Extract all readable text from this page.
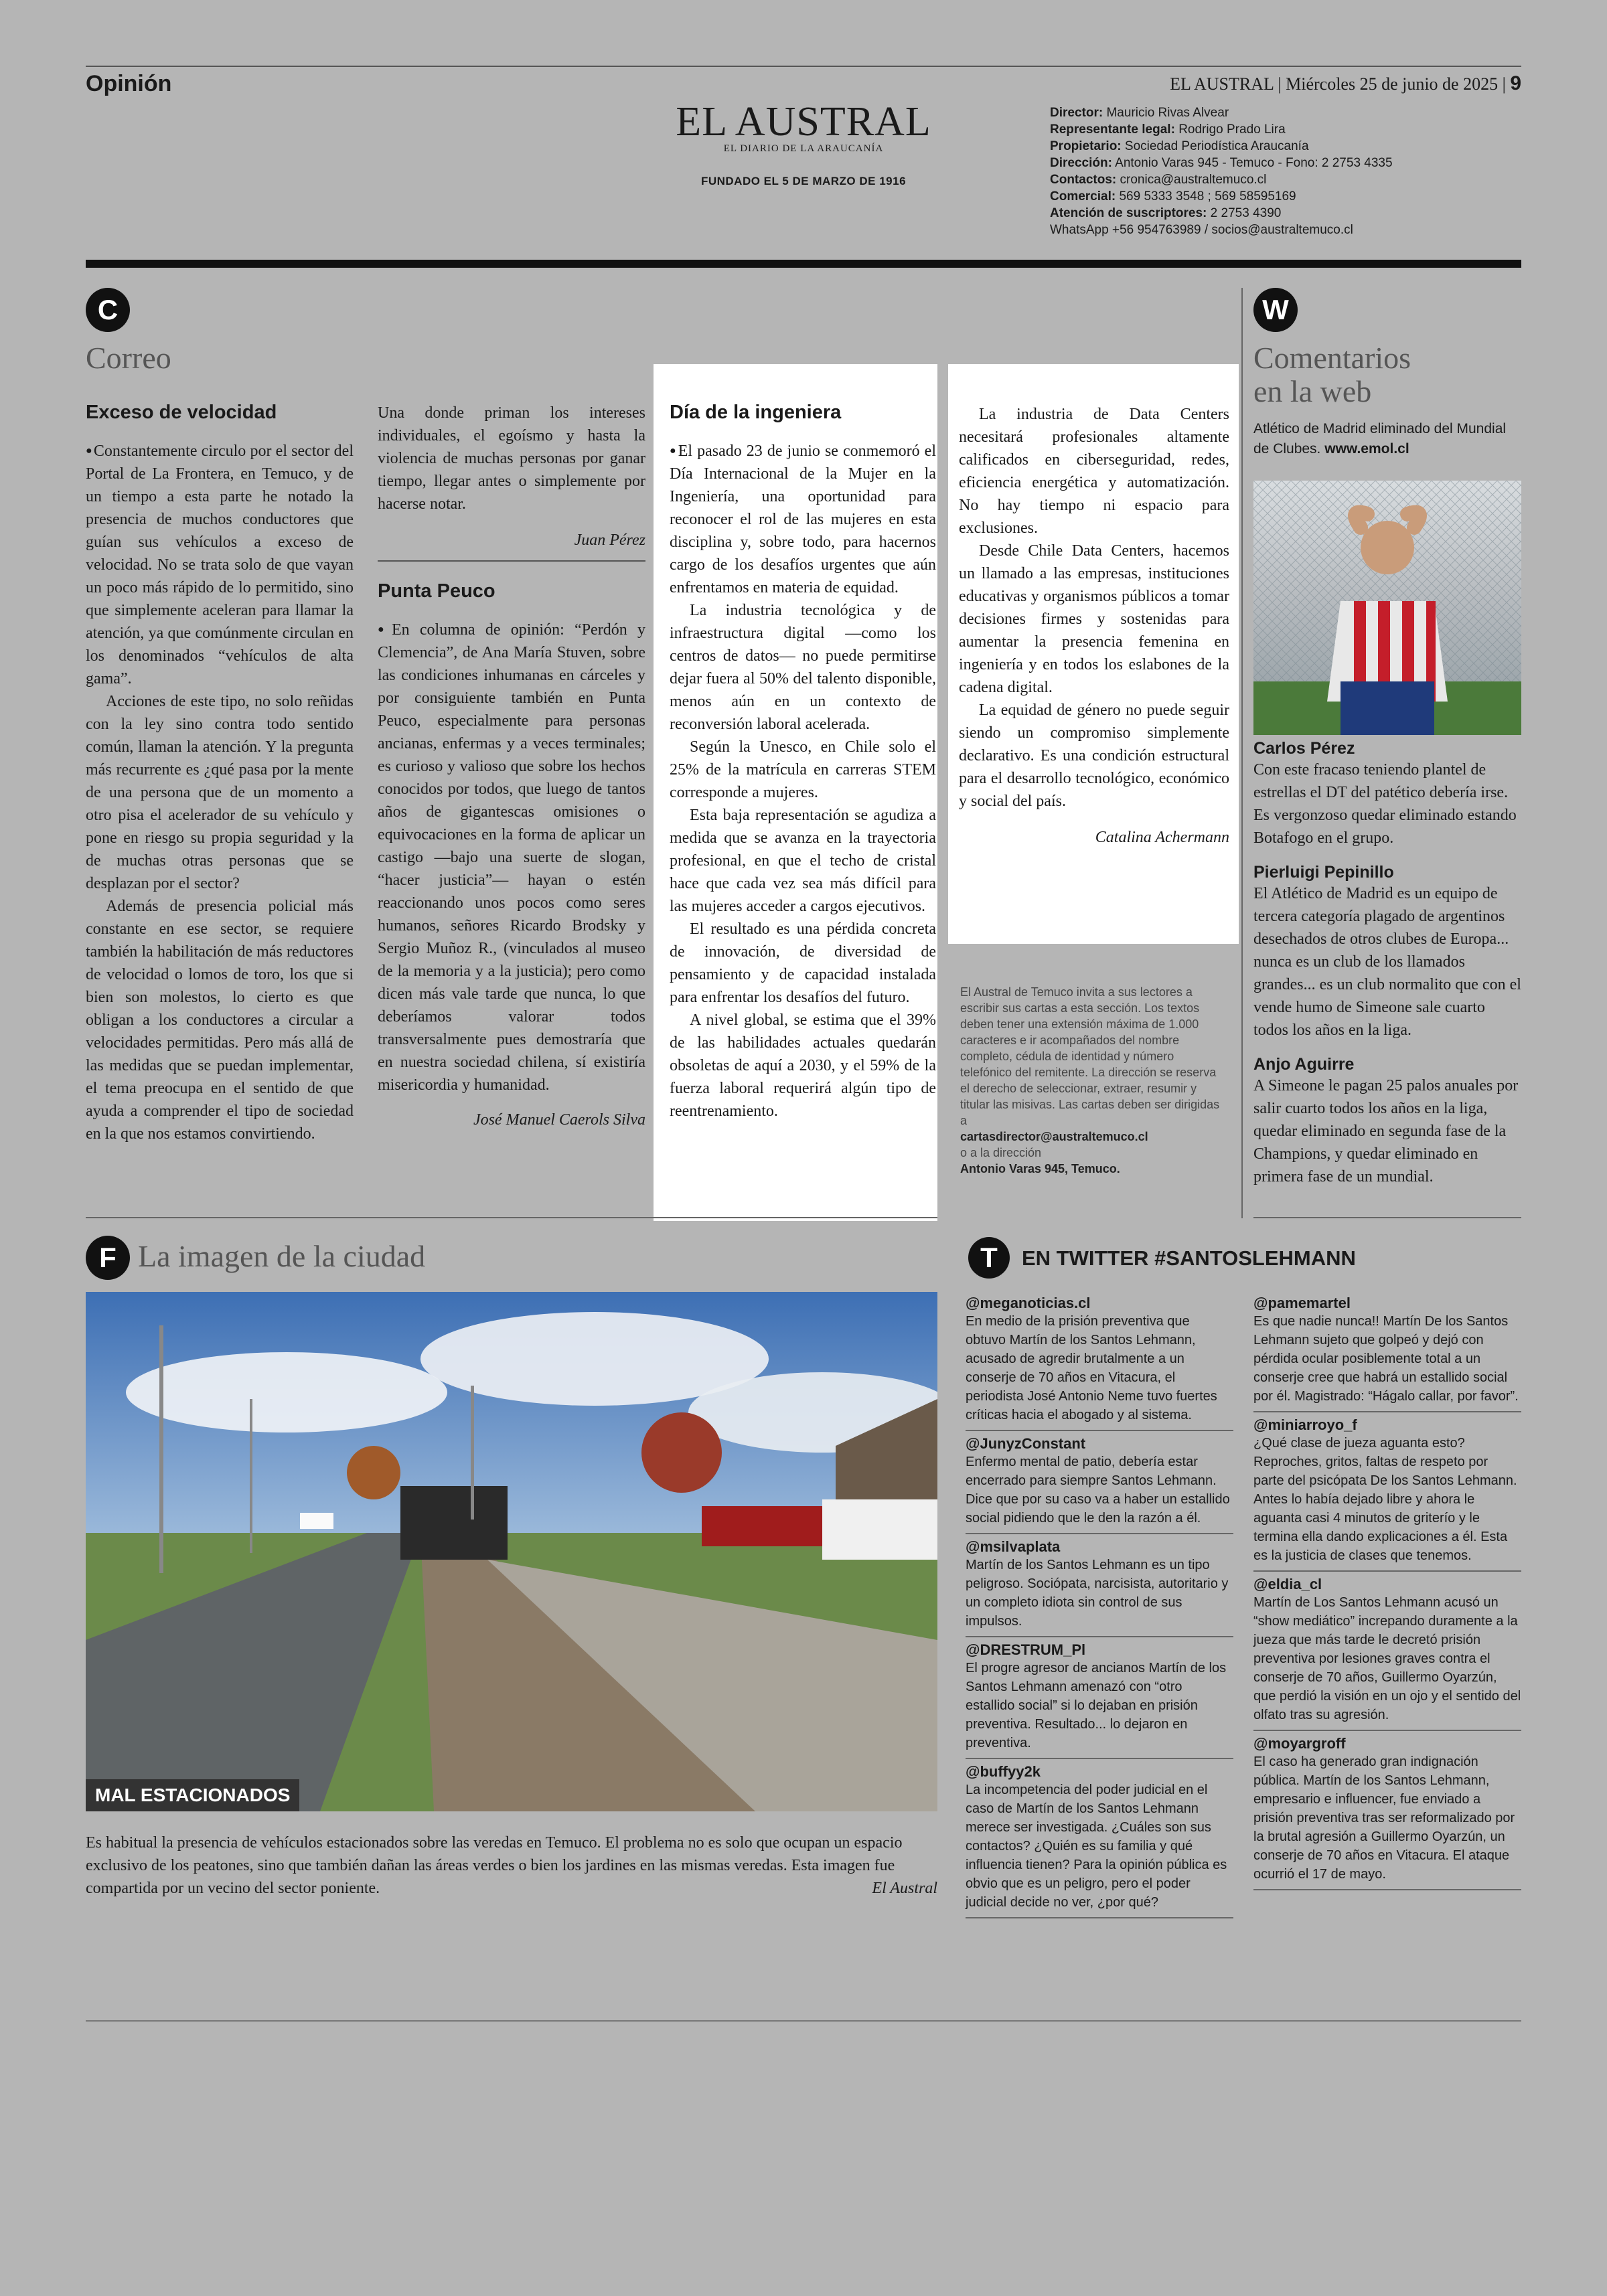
Opinión	EL AUSTRAL | Miércoles 25 de junio de 2025 | 9
EL AUSTRAL
EL DIARIO DE LA ARAUCANÍA
FUNDADO EL 5 DE MARZO DE 1916
Director: Mauricio Rivas Alvear
Representante legal: Rodrigo Prado Lira
Propietario: Sociedad Periodística Araucanía
Dirección: Antonio Varas 945 - Temuco - Fono: 2 2753 4335
Contactos: cronica@australtemuco.cl
Comercial: 569 5333 3548 ; 569 58595169
Atención de suscriptores: 2 2753 4390
WhatsApp +56 954763989 / socios@australtemuco.cl
C
Correo
Exceso de velocidad

● Constantemente circulo por el sector del Portal de La Frontera, en Temuco, y de un tiempo a esta parte he notado la presencia de muchos conductores que guían sus vehículos a exceso de velocidad. No se trata solo de que vayan un poco más rápido de lo permitido, sino que simplemente aceleran para llamar la atención, ya que comúnmente circulan en los denominados “vehículos de alta gama”.

Acciones de este tipo, no solo reñidas con la ley sino contra todo sentido común, llaman la atención. Y la pregunta más recurrente es ¿qué pasa por la mente de una persona que de un momento a otro pisa el acelerador de su vehículo y pone en riesgo su propia seguridad y la de muchas otras personas que se desplazan por el sector?

Además de presencia policial más constante en ese sector, se requiere también la habilitación de más reductores de velocidad o lomos de toro, los que si bien son molestos, lo cierto es que obligan a los conductores a circular a velocidades permitidas. Pero más allá de las medidas que se puedan implementar, el tema preocupa en el sentido de que ayuda a comprender el tipo de sociedad en la que nos estamos convirtiendo.

Una donde priman los intereses individuales, el egoísmo y hasta la violencia de muchas personas por ganar tiempo, llegar antes o simplemente por hacerse notar.

Juan Pérez
Punta Peuco

● En columna de opinión: “Perdón y Clemencia”, de Ana María Stuven, sobre las condiciones inhumanas en cárceles y por consiguiente también en Punta Peuco, especialmente para personas ancianas, enfermas y a veces terminales; es curioso y valioso que sobre los hechos conocidos por todos, que luego de tantos años de gigantescas omisiones o equivocaciones en la forma de aplicar un castigo —bajo una suerte de slogan, “hacer justicia”— hayan o estén reaccionando unos pocos como seres humanos, señores Ricardo Brodsky y Sergio Muñoz R., (vinculados al museo de la memoria y a la justicia); pero como dicen más vale tarde que nunca, lo que deberíamos valorar todos transversalmente pues demostraría que en nuestra sociedad chilena, sí existiría misericordia y humanidad.

José Manuel Caerols Silva
Día de la ingeniera

● El pasado 23 de junio se conmemoró el Día Internacional de la Mujer en la Ingeniería, una oportunidad para reconocer el rol de las mujeres en esta disciplina y, sobre todo, para hacernos cargo de los desafíos urgentes que aún enfrentamos en materia de equidad.

La industria tecnológica y de infraestructura digital —como los centros de datos— no puede permitirse dejar fuera al 50% del talento disponible, menos aún en un contexto de reconversión laboral acelerada.

Según la Unesco, en Chile solo el 25% de la matrícula en carreras STEM corresponde a mujeres.

Esta baja representación se agudiza a medida que se avanza en la trayectoria profesional, en que el techo de cristal hace que cada vez sea más difícil para las mujeres acceder a cargos ejecutivos.

El resultado es una pérdida concreta de innovación, de diversidad de pensamiento y de capacidad instalada para enfrentar los desafíos del futuro.

A nivel global, se estima que el 39% de las habilidades actuales quedarán obsoletas de aquí a 2030, y el 59% de la fuerza laboral requerirá algún tipo de reentrenamiento.

La industria de Data Centers necesitará profesionales altamente calificados en ciberseguridad, redes, eficiencia energética y automatización. No hay tiempo ni espacio para exclusiones.

Desde Chile Data Centers, hacemos un llamado a las empresas, instituciones educativas y organismos públicos a tomar decisiones firmes y sostenidas para aumentar la presencia femenina en ingeniería y en todos los eslabones de la cadena digital.

La equidad de género no puede seguir siendo un compromiso simplemente declarativo. Es una condición estructural para el desarrollo tecnológico, económico y social del país.

Catalina Achermann
El Austral de Temuco invita a sus lectores a escribir sus cartas a esta sección. Los textos deben tener una extensión máxima de 1.000 caracteres e ir acompañados del nombre completo, cédula de identidad y número telefónico del remitente. La dirección se reserva el derecho de seleccionar, extraer, resumir y titular las misivas. Las cartas deben ser dirigidas a
cartasdirector@australtemuco.cl
o a la dirección
Antonio Varas 945, Temuco.
W
Comentarios
en la web
Atlético de Madrid eliminado del Mundial de Clubes. www.emol.cl
Carlos Pérez
Con este fracaso teniendo plantel de estrellas el DT del patético debería irse. Es vergonzoso quedar eliminado estando Botafogo en el grupo.
Pierluigi Pepinillo
El Atlético de Madrid es un equipo de tercera categoría plagado de argentinos desechados de otros clubes de Europa... nunca es un club de los llamados grandes... es un club normalito que con el vende humo de Simeone sale cuarto todos los años en la liga.
Anjo Aguirre
A Simeone le pagan 25 palos anuales por salir cuarto todos los años en la liga, quedar eliminado en segunda fase de la Champions, y quedar eliminado en primera fase de un mundial.
F La imagen de la ciudad
MAL ESTACIONADOS
Es habitual la presencia de vehículos estacionados sobre las veredas en Temuco. El problema no es solo que ocupan un espacio exclusivo de los peatones, sino que también dañan las áreas verdes o bien los jardines en las mismas veredas. Esta imagen fue compartida por un vecino del sector poniente.	El Austral
T	EN TWITTER #SANTOSLEHMANN
@meganoticias.cl
En medio de la prisión preventiva que obtuvo Martín de los Santos Lehmann, acusado de agredir brutalmente a un conserje de 70 años en Vitacura, el periodista José Antonio Neme tuvo fuertes críticas hacia el abogado y al sistema.
@JunyzConstant
Enfermo mental de patio, debería estar encerrado para siempre Santos Lehmann. Dice que por su caso va a haber un estallido social pidiendo que le den la razón a él.
@msilvaplata
Martín de los Santos Lehmann es un tipo peligroso. Sociópata, narcisista, autoritario y un completo idiota sin control de sus impulsos.
@DRESTRUM_Pl
El progre agresor de ancianos Martín de los Santos Lehmann amenazó con “otro estallido social” si lo dejaban en prisión preventiva. Resultado... lo dejaron en preventiva.
@buffyy2k
La incompetencia del poder judicial en el caso de Martín de los Santos Lehmann merece ser investigada. ¿Cuáles son sus contactos? ¿Quién es su familia y qué influencia tienen? Para la opinión pública es obvio que es un peligro, pero el poder judicial decide no ver, ¿por qué?
@pamemartel
Es que nadie nunca!! Martín De los Santos Lehmann sujeto que golpeó y dejó con pérdida ocular posiblemente total a un conserje cree que habrá un estallido social por él. Magistrado: “Hágalo callar, por favor”.
@miniarroyo_f
¿Qué clase de jueza aguanta esto? Reproches, gritos, faltas de respeto por parte del psicópata De los Santos Lehmann. Antes lo había dejado libre y ahora le aguanta casi 4 minutos de griterío y le termina ella dando explicaciones a él. Esta es la justicia de clases que tenemos.
@eldia_cl
Martín de Los Santos Lehmann acusó un “show mediático” increpando duramente a la jueza que más tarde le decretó prisión preventiva por lesiones graves contra el conserje de 70 años, Guillermo Oyarzún, que perdió la visión en un ojo y el sentido del olfato tras su agresión.
@moyargroff
El caso ha generado gran indignación pública. Martín de los Santos Lehmann, empresario e influencer, fue enviado a prisión preventiva tras ser reformalizado por la brutal agresión a Guillermo Oyarzún, un conserje de 70 años en Vitacura. El ataque ocurrió el 17 de mayo.
